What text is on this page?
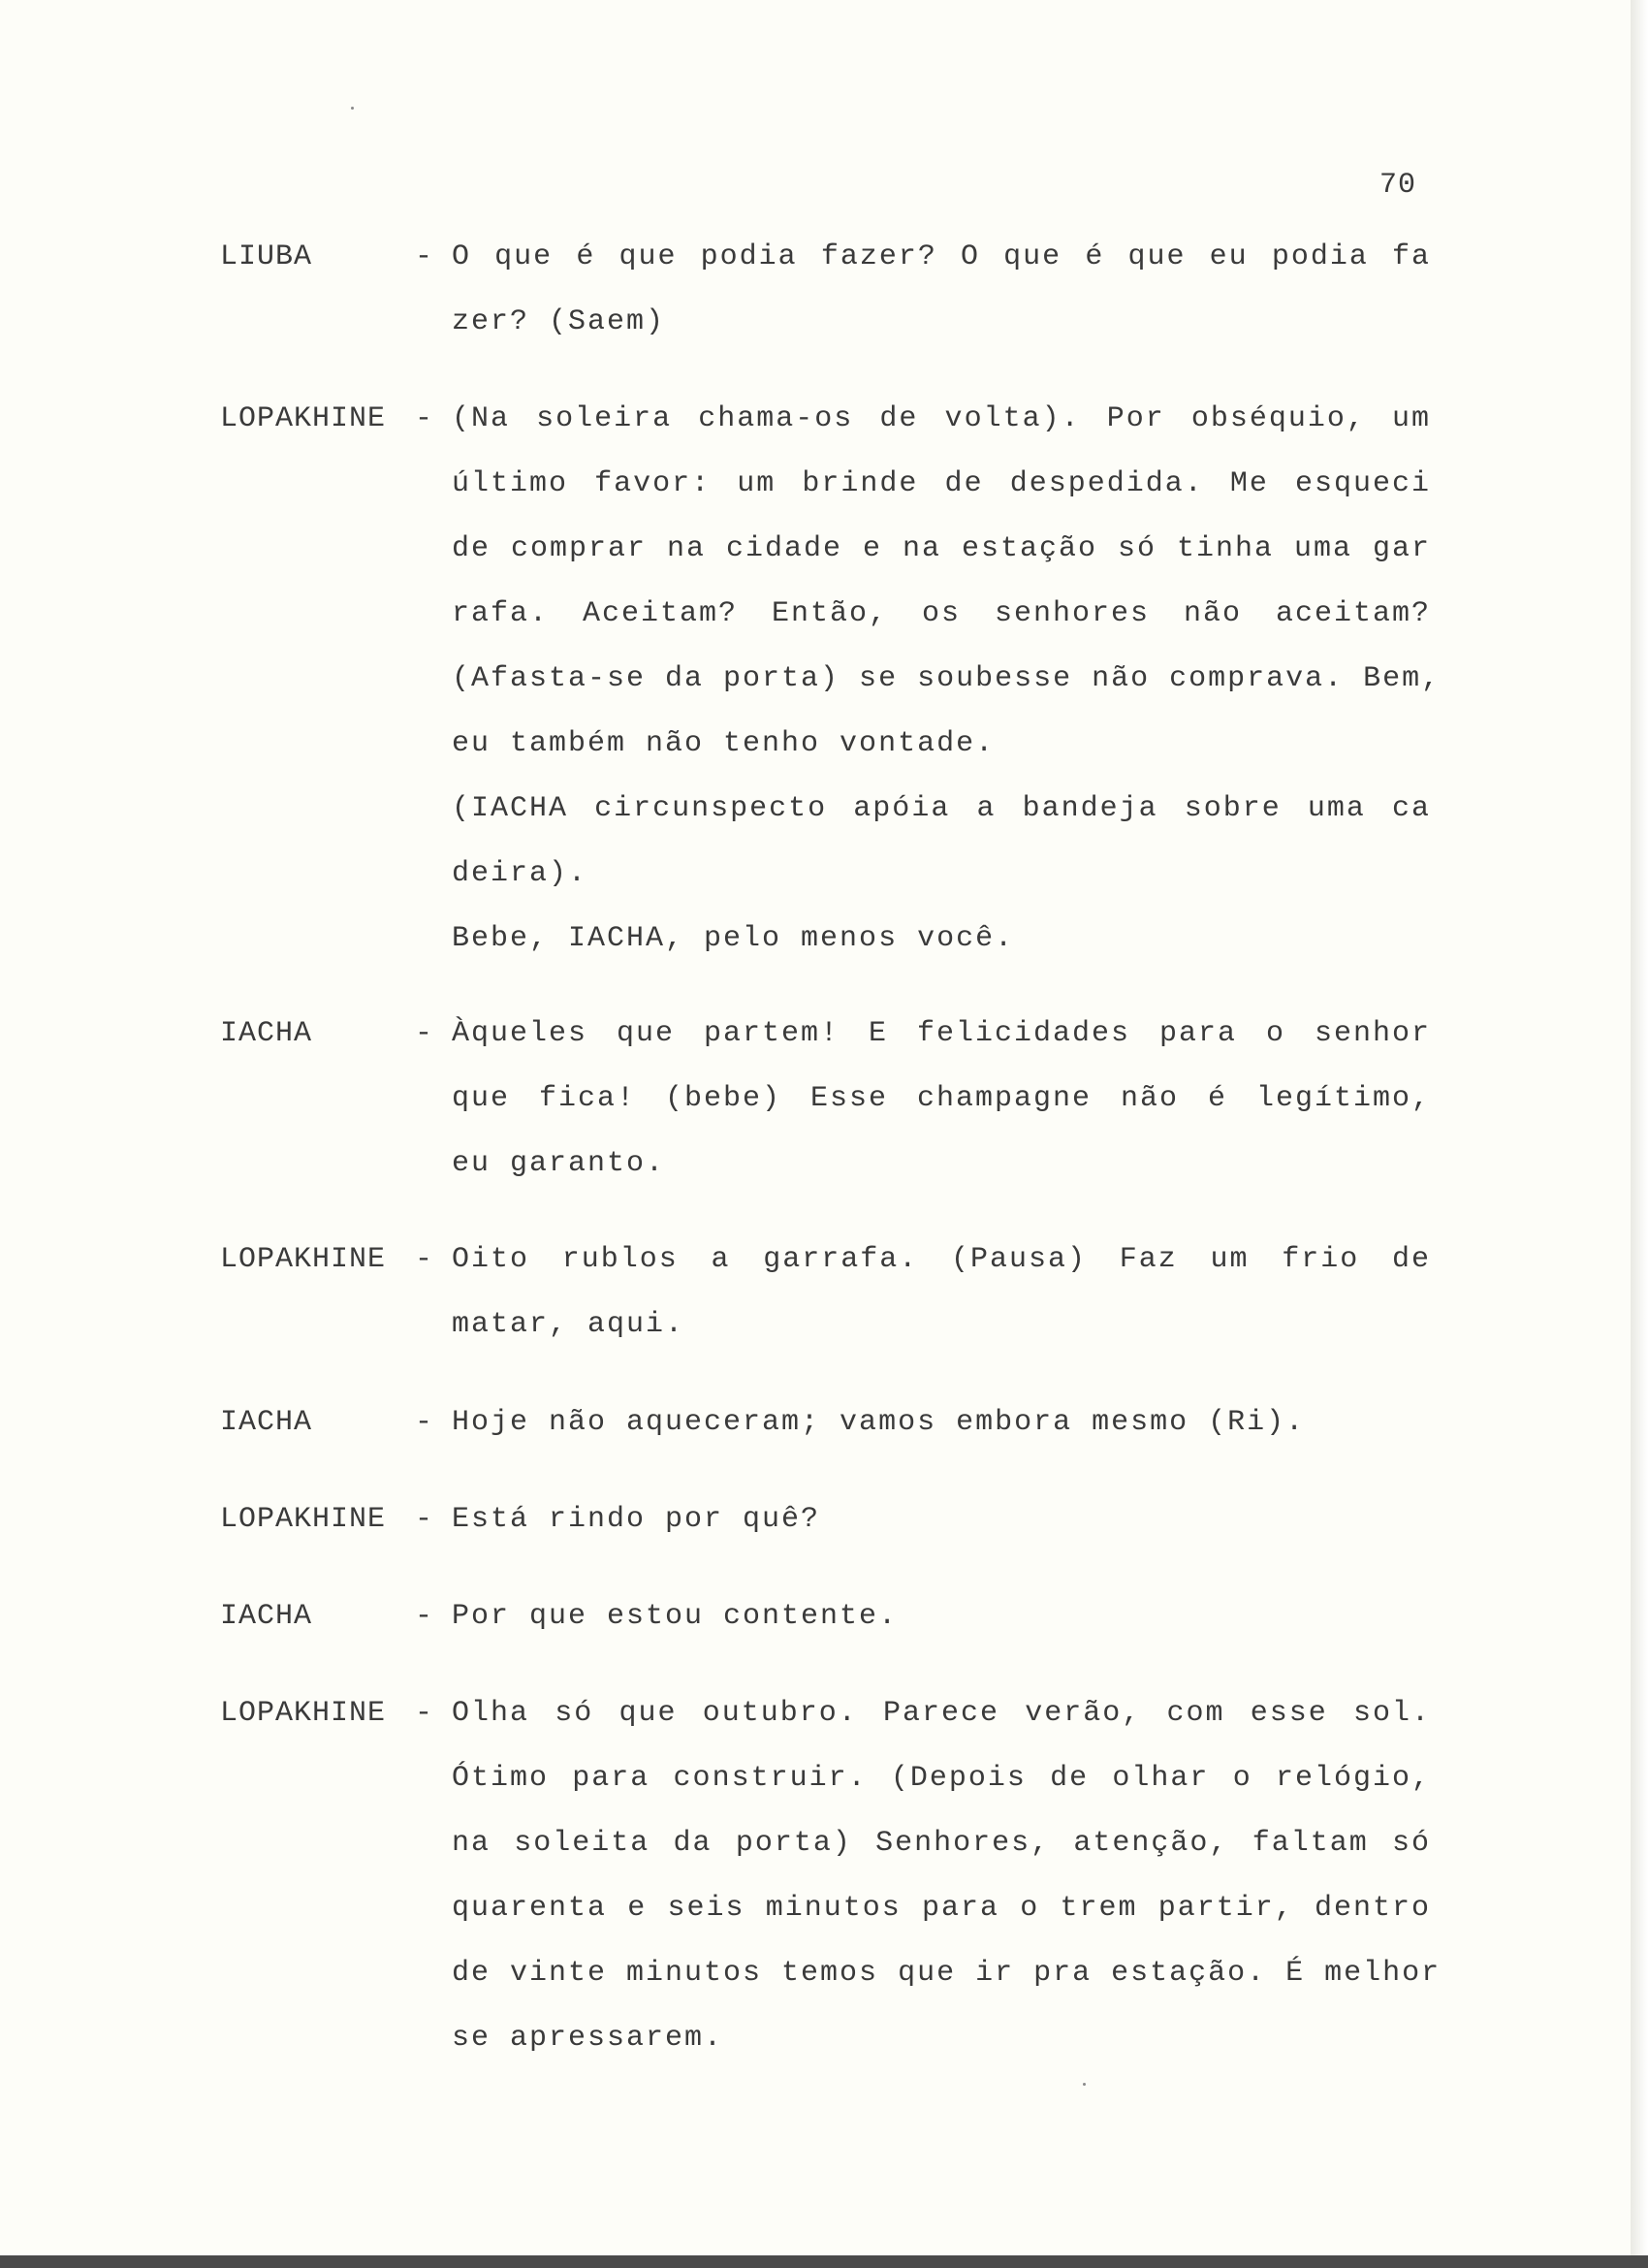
70
LIUBA	- O que é que podia fazer? O que é que eu podia fa
zer? (Saem)
LOPAKHINE - (Na soleira chama-os de volta). Por obséquio, um
último favor: um brinde de despedida. Me esqueci
de comprar na cidade e na estação só tinha uma gar
rafa. Aceitam? Então, os senhores não aceitam?
(Afasta-se da porta) se soubesse não comprava. Bem,
eu também não tenho vontade.
(IACHA circunspecto apóia a bandeja sobre uma ca
deira).
Bebe, IACHA, pelo menos você.
IACHA	- Àqueles que partem! E felicidades para o senhor
que fica! (bebe) Esse champagne não é legítimo,
eu garanto.
LOPAKHINE - Oito rublos a garrafa. (Pausa) Faz um frio de
matar, aqui.
IACHA	- Hoje não aqueceram; vamos embora mesmo (Ri).
LOPAKHINE - Está rindo por quê?
IACHA	- Por que estou contente.
LOPAKHINE - Olha só que outubro. Parece verão, com esse sol.
Ótimo para construir. (Depois de olhar o relógio,
na soleita da porta) Senhores, atenção, faltam só
quarenta e seis minutos para o trem partir, dentro
de vinte minutos temos que ir pra estação. É melhor
se apressarem.
